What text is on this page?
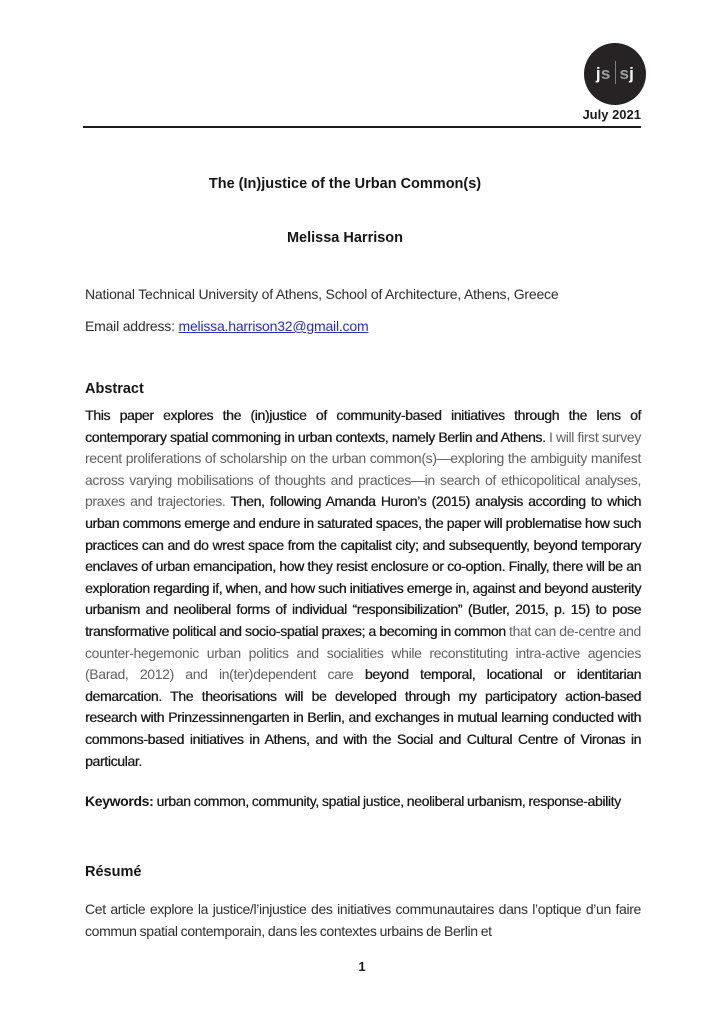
js sj
July 2021
The (In)justice of the Urban Common(s)
Melissa Harrison
National Technical University of Athens, School of Architecture, Athens, Greece
Email address: melissa.harrison32@gmail.com
Abstract

This paper explores the (in)justice of community-based initiatives through the lens of contemporary spatial commoning in urban contexts, namely Berlin and Athens. I will first survey recent proliferations of scholarship on the urban common(s)—exploring the ambiguity manifest across varying mobilisations of thoughts and practices—in search of ethicopolitical analyses, praxes and trajectories. Then, following Amanda Huron’s (2015) analysis according to which urban commons emerge and endure in saturated spaces, the paper will problematise how such practices can and do wrest space from the capitalist city; and subsequently, beyond temporary enclaves of urban emancipation, how they resist enclosure or co-option. Finally, there will be an exploration regarding if, when, and how such initiatives emerge in, against and beyond austerity urbanism and neoliberal forms of individual “responsibilization” (Butler, 2015, p. 15) to pose transformative political and socio-spatial praxes; a becoming in common that can de-centre and counter-hegemonic urban politics and socialities while reconstituting intra-active agencies (Barad, 2012) and in(ter)dependent care beyond temporal, locational or identitarian demarcation. The theorisations will be developed through my participatory action-based research with Prinzessinnengarten in Berlin, and exchanges in mutual learning conducted with commons-based initiatives in Athens, and with the Social and Cultural Centre of Vironas in particular.

Keywords: urban common, community, spatial justice, neoliberal urbanism, response-ability

Résumé

Cet article explore la justice/l’injustice des initiatives communautaires dans l’optique d’un faire commun spatial contemporain, dans les contextes urbains de Berlin et

1
